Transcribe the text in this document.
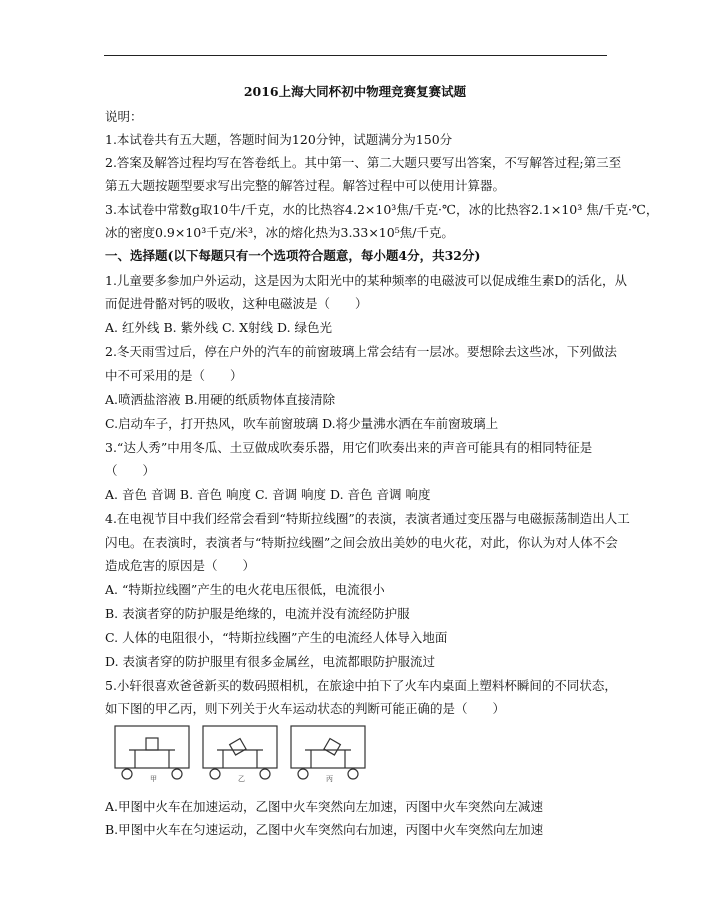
2016上海大同杯初中物理竞赛复赛试题
说明：
1.本试卷共有五大题，答题时间为120分钟，试题满分为150分
2.答案及解答过程均写在答卷纸上。其中第一、第二大题只要写出答案，不写解答过程;第三至
第五大题按题型要求写出完整的解答过程。解答过程中可以使用计算器。
3.本试卷中常数g取10牛/千克，水的比热容4.2×10³焦/千克·℃，冰的比热容2.1×10³ 焦/千克·℃，
冰的密度0.9×10³千克/米³，冰的熔化热为3.33×10⁵焦/千克。
一、选择题(以下每题只有一个选项符合题意，每小题4分，共32分)
1.儿童要多参加户外运动，这是因为太阳光中的某种频率的电磁波可以促成维生素D的活化，从
而促进骨骼对钙的吸收，这种电磁波是（　　）
A. 红外线 B. 紫外线 C. X射线 D. 绿色光
2.冬天雨雪过后，停在户外的汽车的前窗玻璃上常会结有一层冰。要想除去这些冰，下列做法
中不可采用的是（　　）
A.喷洒盐溶液 B.用硬的纸质物体直接清除
C.启动车子，打开热风，吹车前窗玻璃 D.将少量沸水洒在车前窗玻璃上
3.“达人秀”中用冬瓜、土豆做成吹奏乐器，用它们吹奏出来的声音可能具有的相同特征是
（　　）
A. 音色 音调 B. 音色 响度 C. 音调 响度 D. 音色 音调 响度
4.在电视节目中我们经常会看到“特斯拉线圈”的表演，表演者通过变压器与电磁振荡制造出人工
闪电。在表演时，表演者与“特斯拉线圈”之间会放出美妙的电火花，对此，你认为对人体不会
造成危害的原因是（　　）
A. “特斯拉线圈”产生的电火花电压很低，电流很小
B. 表演者穿的防护服是绝缘的，电流并没有流经防护服
C. 人体的电阻很小，“特斯拉线圈”产生的电流经人体导入地面
D. 表演者穿的防护服里有很多金属丝，电流都眼防护服流过
5.小轩很喜欢爸爸新买的数码照相机，在旅途中拍下了火车内桌面上塑料杯瞬间的不同状态，
如下图的甲乙丙，则下列关于火车运动状态的判断可能正确的是（　　）
甲	乙	丙
A.甲图中火车在加速运动，乙图中火车突然向左加速，丙图中火车突然向左减速
B.甲图中火车在匀速运动，乙图中火车突然向右加速，丙图中火车突然向左加速
